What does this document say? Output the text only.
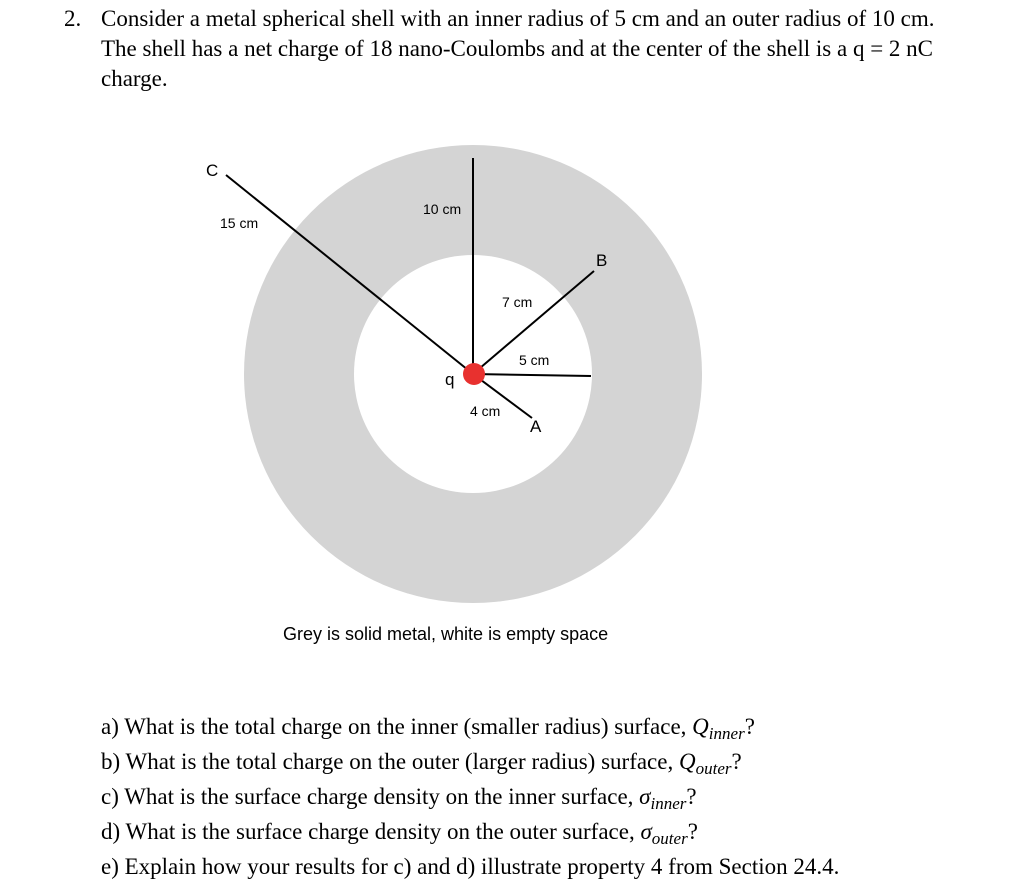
2. Consider a metal spherical shell with an inner radius of 5 cm and an outer radius of 10 cm.
The shell has a net charge of 18 nano-Coulombs and at the center of the shell is a q = 2 nC
charge.
C
15 cm
10 cm
B
7 cm
5 cm
q
4 cm
A
Grey is solid metal, white is empty space
a) What is the total charge on the inner (smaller radius) surface, $Q_{inner}$?
b) What is the total charge on the outer (larger radius) surface, $Q_{outer}$?
c) What is the surface charge density on the inner surface, $\sigma_{inner}$?
d) What is the surface charge density on the outer surface, $\sigma_{outer}$?
e) Explain how your results for c) and d) illustrate property 4 from Section 24.4.
